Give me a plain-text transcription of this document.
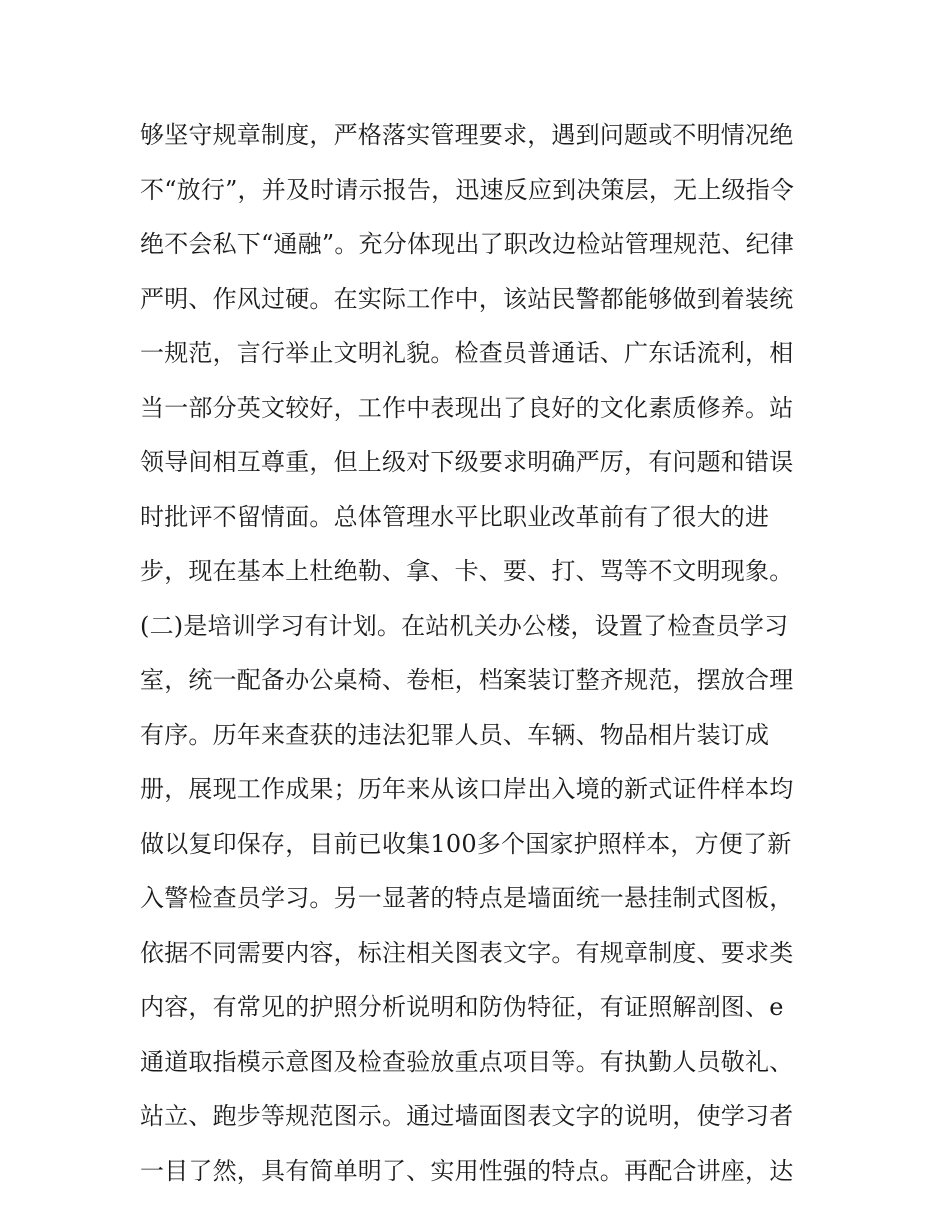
够坚守规章制度，严格落实管理要求，遇到问题或不明情况绝
不“放行”，并及时请示报告，迅速反应到决策层，无上级指令
绝不会私下“通融”。充分体现出了职改边检站管理规范、纪律
严明、作风过硬。在实际工作中，该站民警都能够做到着装统
一规范，言行举止文明礼貌。检查员普通话、广东话流利，相
当一部分英文较好，工作中表现出了良好的文化素质修养。站
领导间相互尊重，但上级对下级要求明确严厉，有问题和错误
时批评不留情面。总体管理水平比职业改革前有了很大的进
步，现在基本上杜绝勒、拿、卡、要、打、骂等不文明现象。
(二)是培训学习有计划。在站机关办公楼，设置了检查员学习
室，统一配备办公桌椅、卷柜，档案装订整齐规范，摆放合理
有序。历年来查获的违法犯罪人员、车辆、物品相片装订成
册，展现工作成果；历年来从该口岸出入境的新式证件样本均
做以复印保存，目前已收集100多个国家护照样本，方便了新
入警检查员学习。另一显著的特点是墙面统一悬挂制式图板，
依据不同需要内容，标注相关图表文字。有规章制度、要求类
内容，有常见的护照分析说明和防伪特征，有证照解剖图、e
通道取指模示意图及检查验放重点项目等。有执勤人员敬礼、
站立、跑步等规范图示。通过墙面图表文字的说明，使学习者
一目了然，具有简单明了、实用性强的特点。再配合讲座，达
